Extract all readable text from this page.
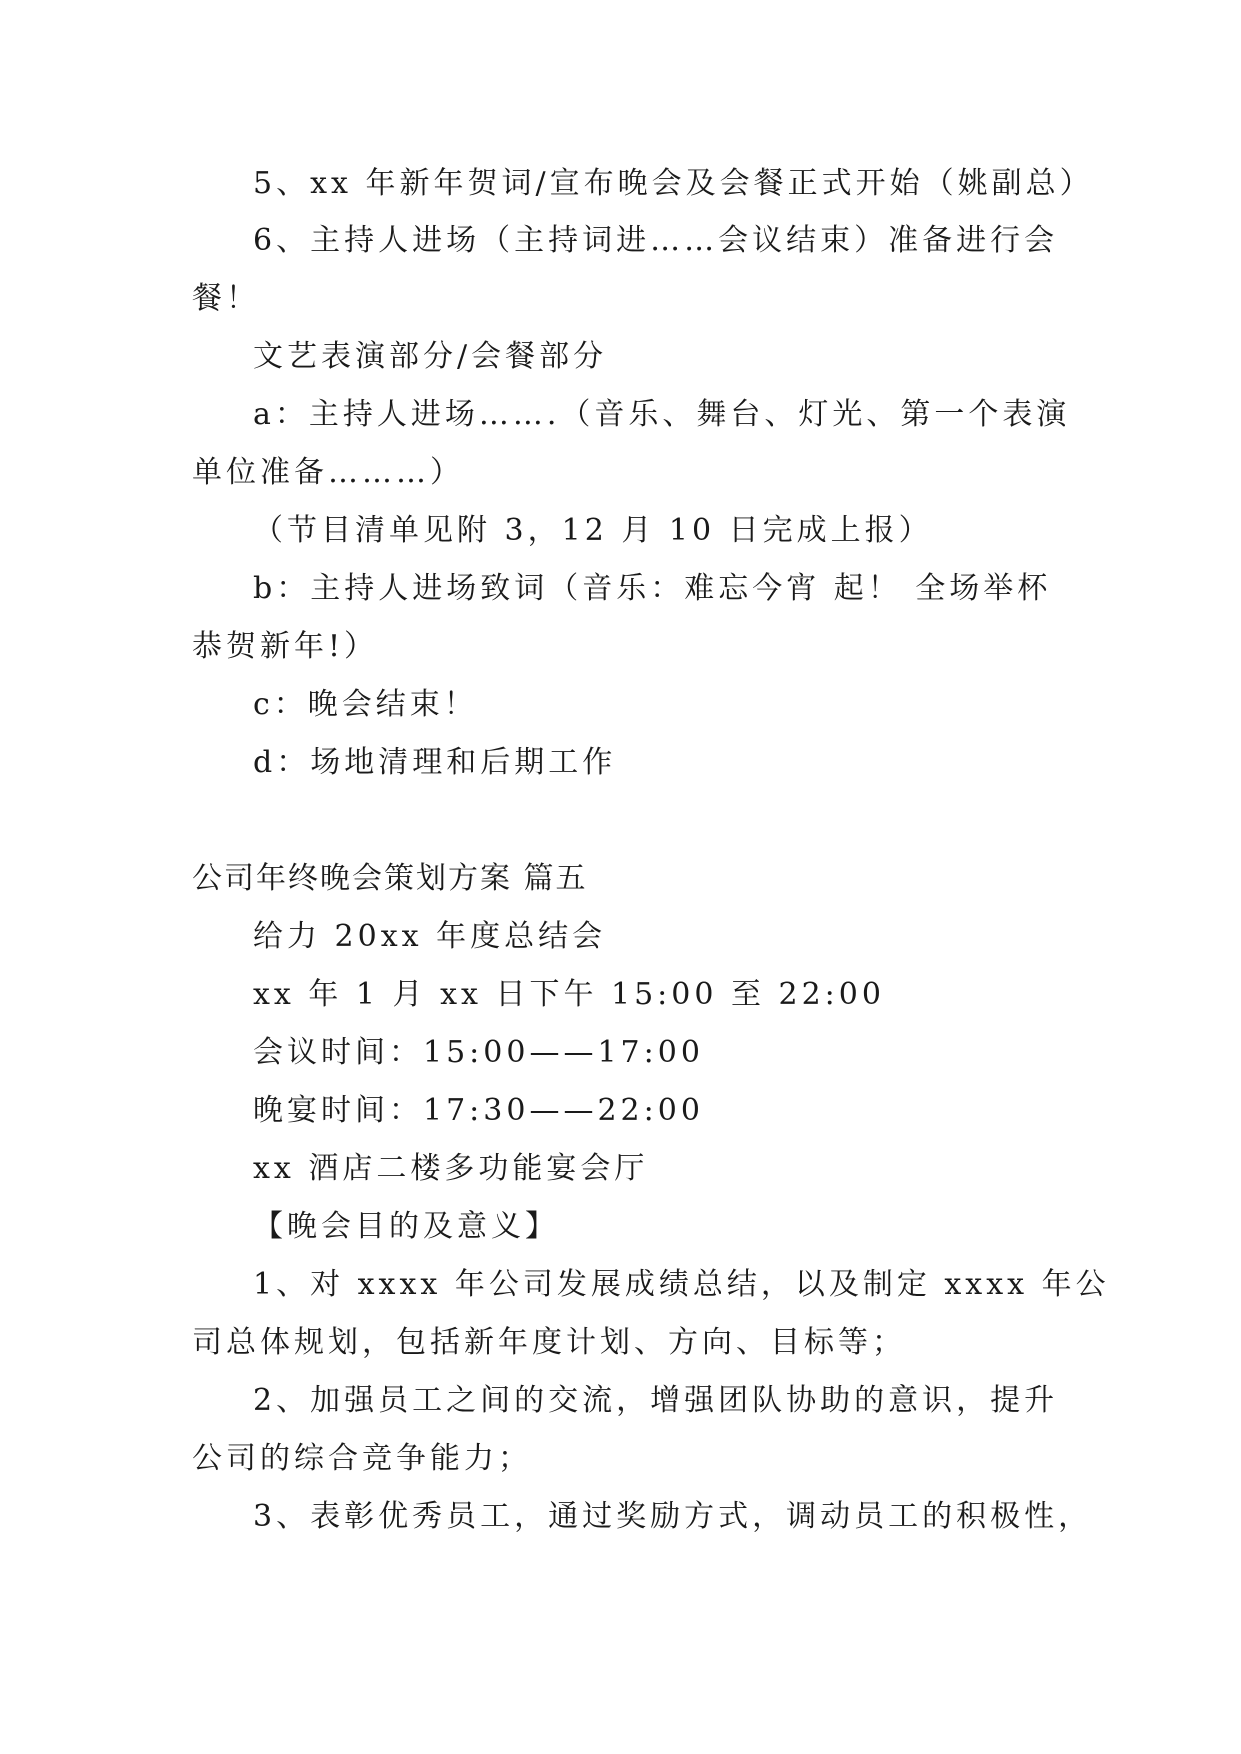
5、xx 年新年贺词/宣布晚会及会餐正式开始（姚副总）
6、主持人进场（主持词进……会议结束）准备进行会
餐！
文艺表演部分/会餐部分
a：主持人进场…….（音乐、舞台、灯光、第一个表演
单位准备………）
（节目清单见附 3，12 月 10 日完成上报）
b：主持人进场致词（音乐：难忘今宵 起！ 全场举杯
恭贺新年!）
c：晚会结束！
d：场地清理和后期工作
公司年终晚会策划方案 篇五
给力 20xx 年度总结会
xx 年 1 月 xx 日下午 15:00 至 22:00
会议时间：15:00——17:00
晚宴时间：17:30——22:00
xx 酒店二楼多功能宴会厅
【晚会目的及意义】
1、对 xxxx 年公司发展成绩总结，以及制定 xxxx 年公
司总体规划，包括新年度计划、方向、目标等；
2、加强员工之间的交流，增强团队协助的意识，提升
公司的综合竞争能力；
3、表彰优秀员工，通过奖励方式，调动员工的积极性，
